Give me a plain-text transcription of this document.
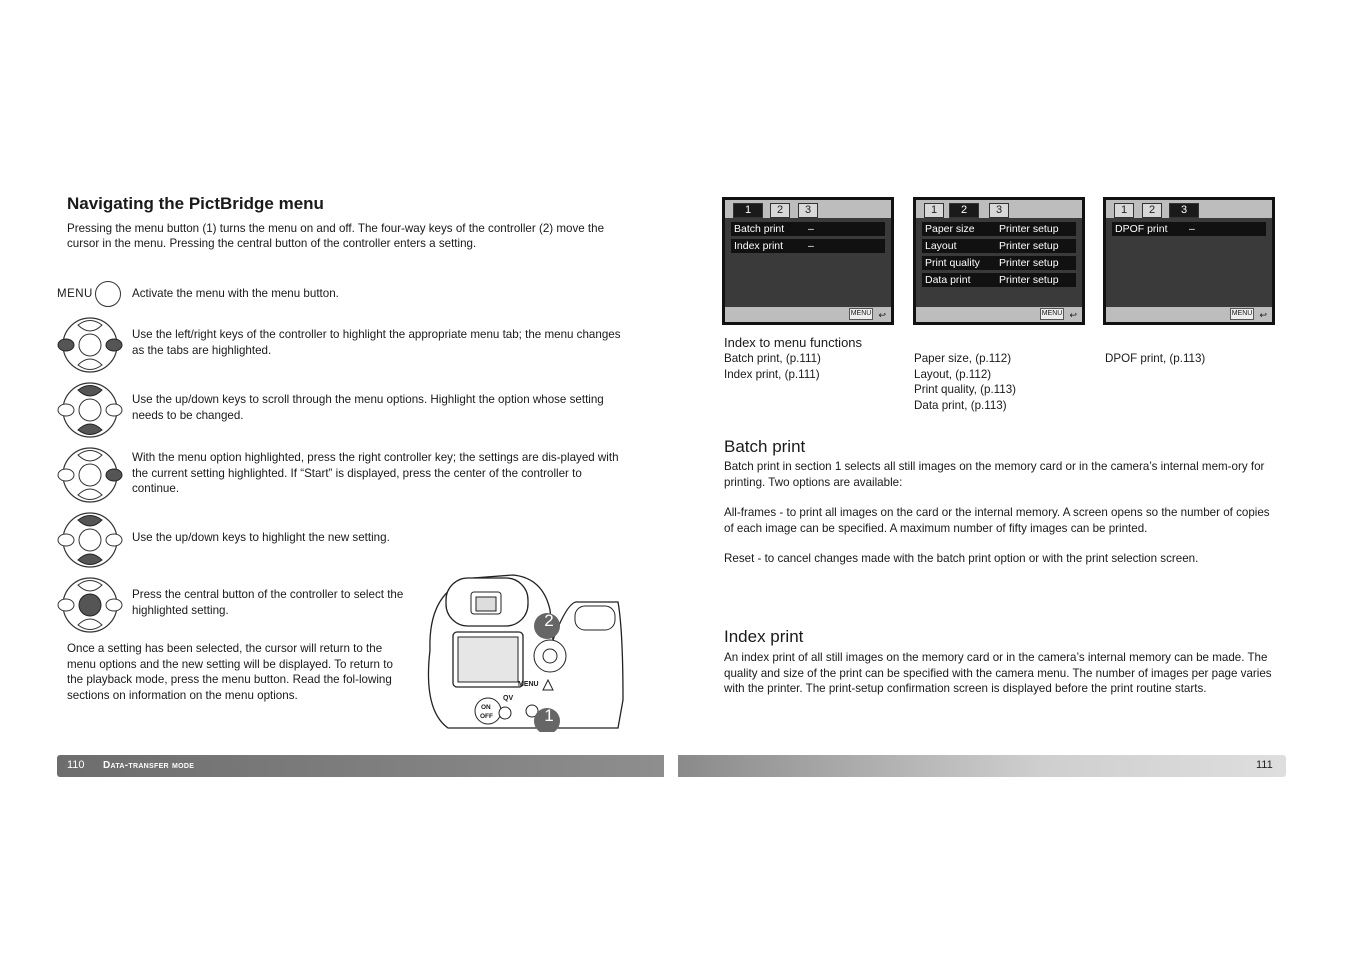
Navigating the PictBridge menu
Pressing the menu button (1) turns the menu on and off. The four-way keys of the controller (2) move the cursor in the menu. Pressing the central button of the controller enters a setting.
MENU	Activate the menu with the menu button.
Use the left/right keys of the controller to highlight the appropriate menu tab; the menu changes as the tabs are highlighted.
Use the up/down keys to scroll through the menu options. Highlight the option whose setting needs to be changed.
With the menu option highlighted, press the right controller key; the settings are dis-played with the current setting highlighted. If “Start” is displayed, press the center of the controller to continue.
Use the up/down keys to highlight the new setting.
Press the central button of the controller to select the highlighted setting.
Once a setting has been selected, the cursor will return to the menu options and the new setting will be displayed. To return to the playback mode, press the menu button. Read the fol-lowing sections on information on the menu options.
2
1
MENU
QV
ON
OFF
1	2	3
Batch print –
Index print –
MENU ↩
1	2	3
Paper size Printer setup
Layout	Printer setup
Print quality Printer setup
Data print	Printer setup
MENU ↩
1	2	3
DPOF print –
MENU ↩
Index to menu functions
Batch print, (p.111)
Index print, (p.111)
Paper size, (p.112)
Layout, (p.112)
Print quality, (p.113)
Data print, (p.113)
DPOF print, (p.113)
Batch print
Batch print in section 1 selects all still images on the memory card or in the camera’s internal mem-ory for printing. Two options are available:
All-frames - to print all images on the card or the internal memory. A screen opens so the number of copies of each image can be specified. A maximum number of fifty images can be printed.
Reset - to cancel changes made with the batch print option or with the print selection screen.
Index print
An index print of all still images on the memory card or in the camera’s internal memory can be made. The quality and size of the print can be specified with the camera menu. The number of images per page varies with the printer. The print-setup confirmation screen is displayed before the print routine starts.
110 Data-transfer mode	111
